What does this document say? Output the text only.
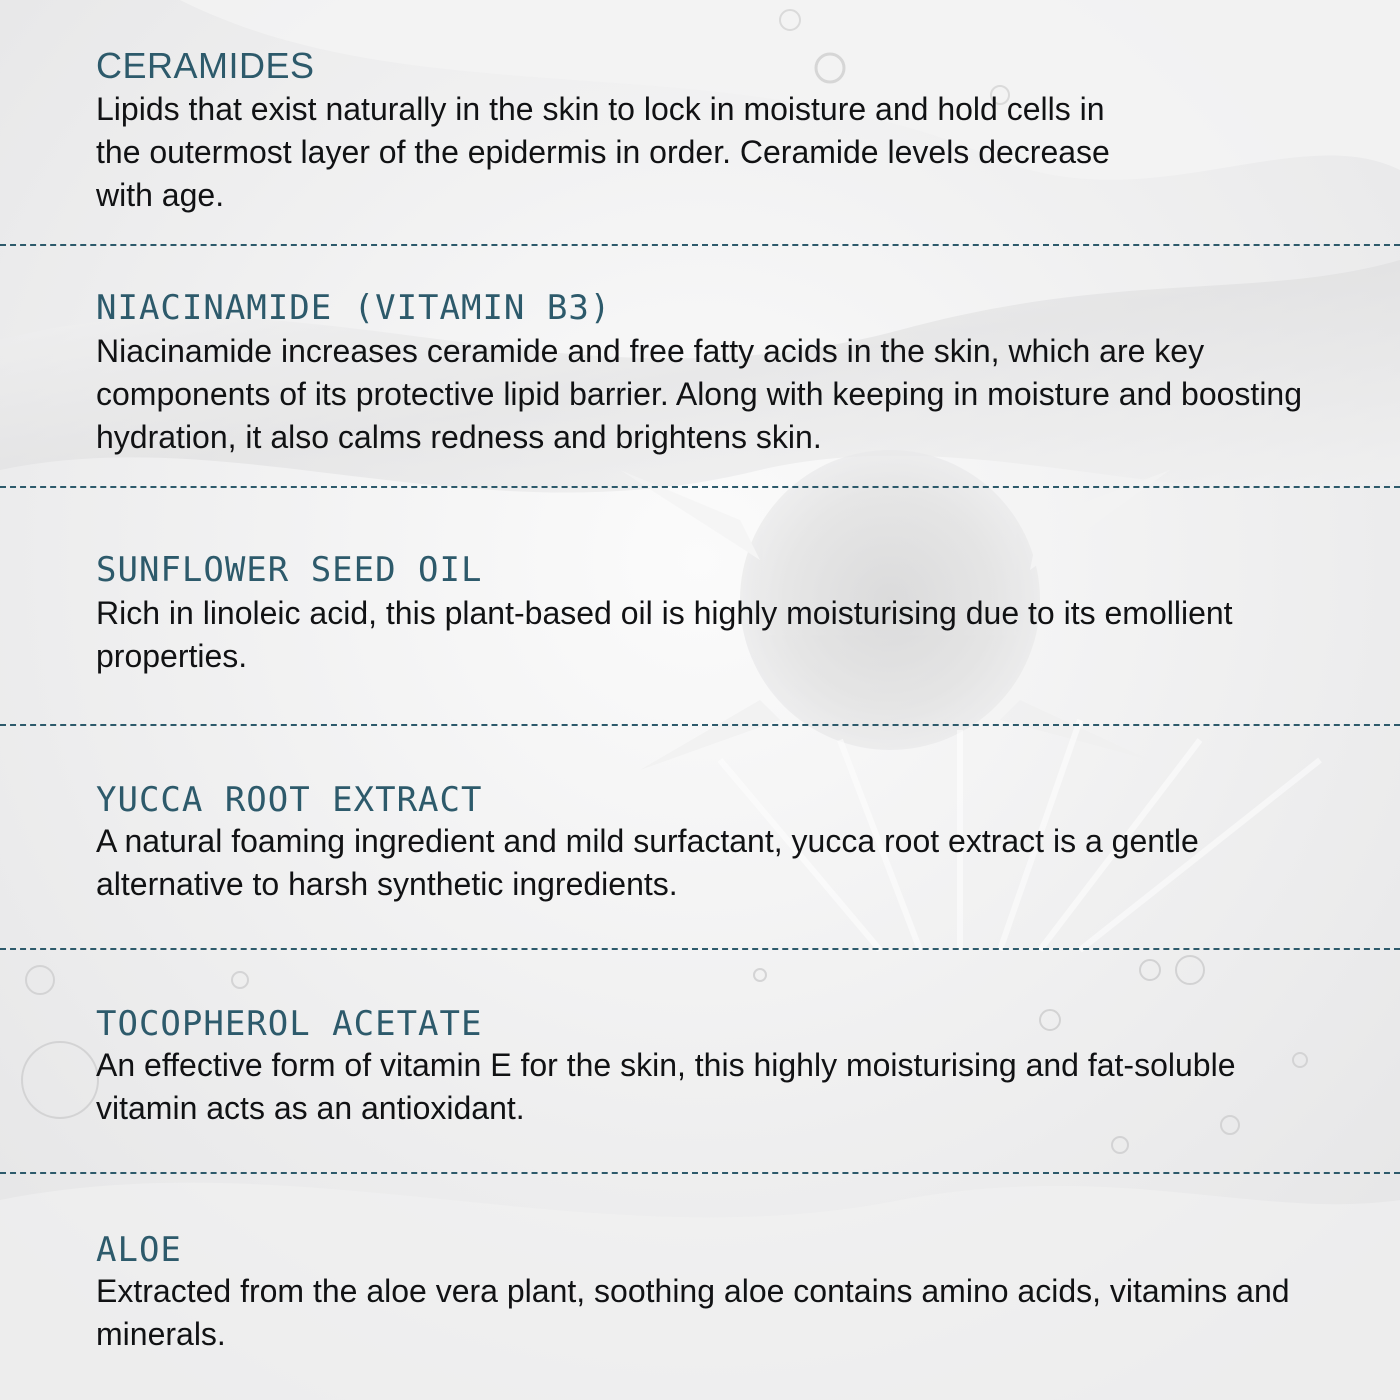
CERAMIDES

Lipids that exist naturally in the skin to lock in moisture and hold cells in the outermost layer of the epidermis in order. Ceramide levels decrease with age.

NIACINAMIDE (VITAMIN B3)

Niacinamide increases ceramide and free fatty acids in the skin, which are key components of its protective lipid barrier. Along with keeping in moisture and boosting hydration, it also calms redness and brightens skin.

SUNFLOWER SEED OIL

Rich in linoleic acid, this plant-based oil is highly moisturising due to its emollient properties.

YUCCA ROOT EXTRACT

A natural foaming ingredient and mild surfactant, yucca root extract is a gentle alternative to harsh synthetic ingredients.

TOCOPHEROL ACETATE

An effective form of vitamin E for the skin, this highly moisturising and fat-soluble vitamin acts as an antioxidant.

ALOE

Extracted from the aloe vera plant, soothing aloe contains amino acids, vitamins and minerals.
